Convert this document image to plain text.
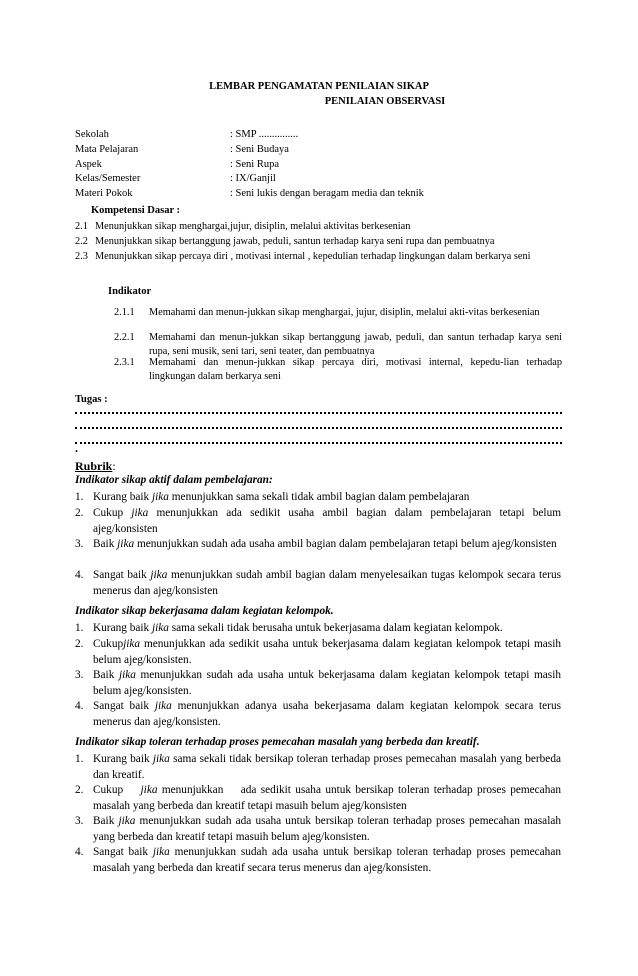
LEMBAR PENGAMATAN PENILAIAN SIKAP
PENILAIAN OBSERVASI
Sekolah	: SMP ...............
Mata Pelajaran	: Seni Budaya
Aspek	: Seni Rupa
Kelas/Semester	: IX/Ganjil
Materi Pokok	: Seni lukis dengan beragam media dan teknik
Kompetensi Dasar :
2.1 Menunjukkan sikap menghargai,jujur, disiplin, melalui aktivitas berkesenian
2.2 Menunjukkan sikap bertanggung jawab, peduli, santun terhadap karya seni rupa dan pembuatnya
2.3 Menunjukkan sikap percaya diri , motivasi internal , kepedulian terhadap lingkungan dalam berkarya seni
Indikator
2.1.1 Memahami dan menun-jukkan sikap menghargai, jujur, disiplin, melalui akti-vitas berkesenian
2.2.1 Memahami dan menun-jukkan sikap bertanggung jawab, peduli, dan santun terhadap karya seni rupa, seni musik, seni tari, seni teater, dan pembuatnya
2.3.1 Memahami dan menun-jukkan sikap percaya diri, motivasi internal, kepedu-lian terhadap lingkungan dalam berkarya seni
Tugas :
.
Rubrik:
Indikator sikap aktif dalam pembelajaran:
1. Kurang baik jika menunjukkan sama sekali tidak ambil bagian dalam pembelajaran
2. Cukup jika menunjukkan ada sedikit usaha ambil bagian dalam pembelajaran tetapi belum ajeg/konsisten
3. Baik jika menunjukkan sudah ada usaha ambil bagian dalam pembelajaran tetapi belum ajeg/konsisten
4. Sangat baik jika menunjukkan sudah ambil bagian dalam menyelesaikan tugas kelompok secara terus menerus dan ajeg/konsisten
Indikator sikap bekerjasama dalam kegiatan kelompok.
1. Kurang baik jika sama sekali tidak berusaha untuk bekerjasama dalam kegiatan kelompok.
2. Cukupjika menunjukkan ada sedikit usaha untuk bekerjasama dalam kegiatan kelompok tetapi masih belum ajeg/konsisten.
3. Baik jika menunjukkan sudah ada usaha untuk bekerjasama dalam kegiatan kelompok tetapi masih belum ajeg/konsisten.
4. Sangat baik jika menunjukkan adanya usaha bekerjasama dalam kegiatan kelompok secara terus menerus dan ajeg/konsisten.
Indikator sikap toleran terhadap proses pemecahan masalah yang berbeda dan kreatif.
1. Kurang baik jika sama sekali tidak bersikap toleran terhadap proses pemecahan masalah yang berbeda dan kreatif.
2. Cukup    jika menunjukkan    ada sedikit usaha untuk bersikap toleran terhadap proses pemecahan masalah yang berbeda dan kreatif tetapi masuih belum ajeg/konsisten
3. Baik jika menunjukkan sudah ada usaha untuk bersikap toleran terhadap proses pemecahan masalah yang berbeda dan kreatif tetapi masuih belum ajeg/konsisten.
4. Sangat baik jika menunjukkan sudah ada usaha untuk bersikap toleran terhadap proses pemecahan masalah yang berbeda dan kreatif secara terus menerus dan ajeg/konsisten.
